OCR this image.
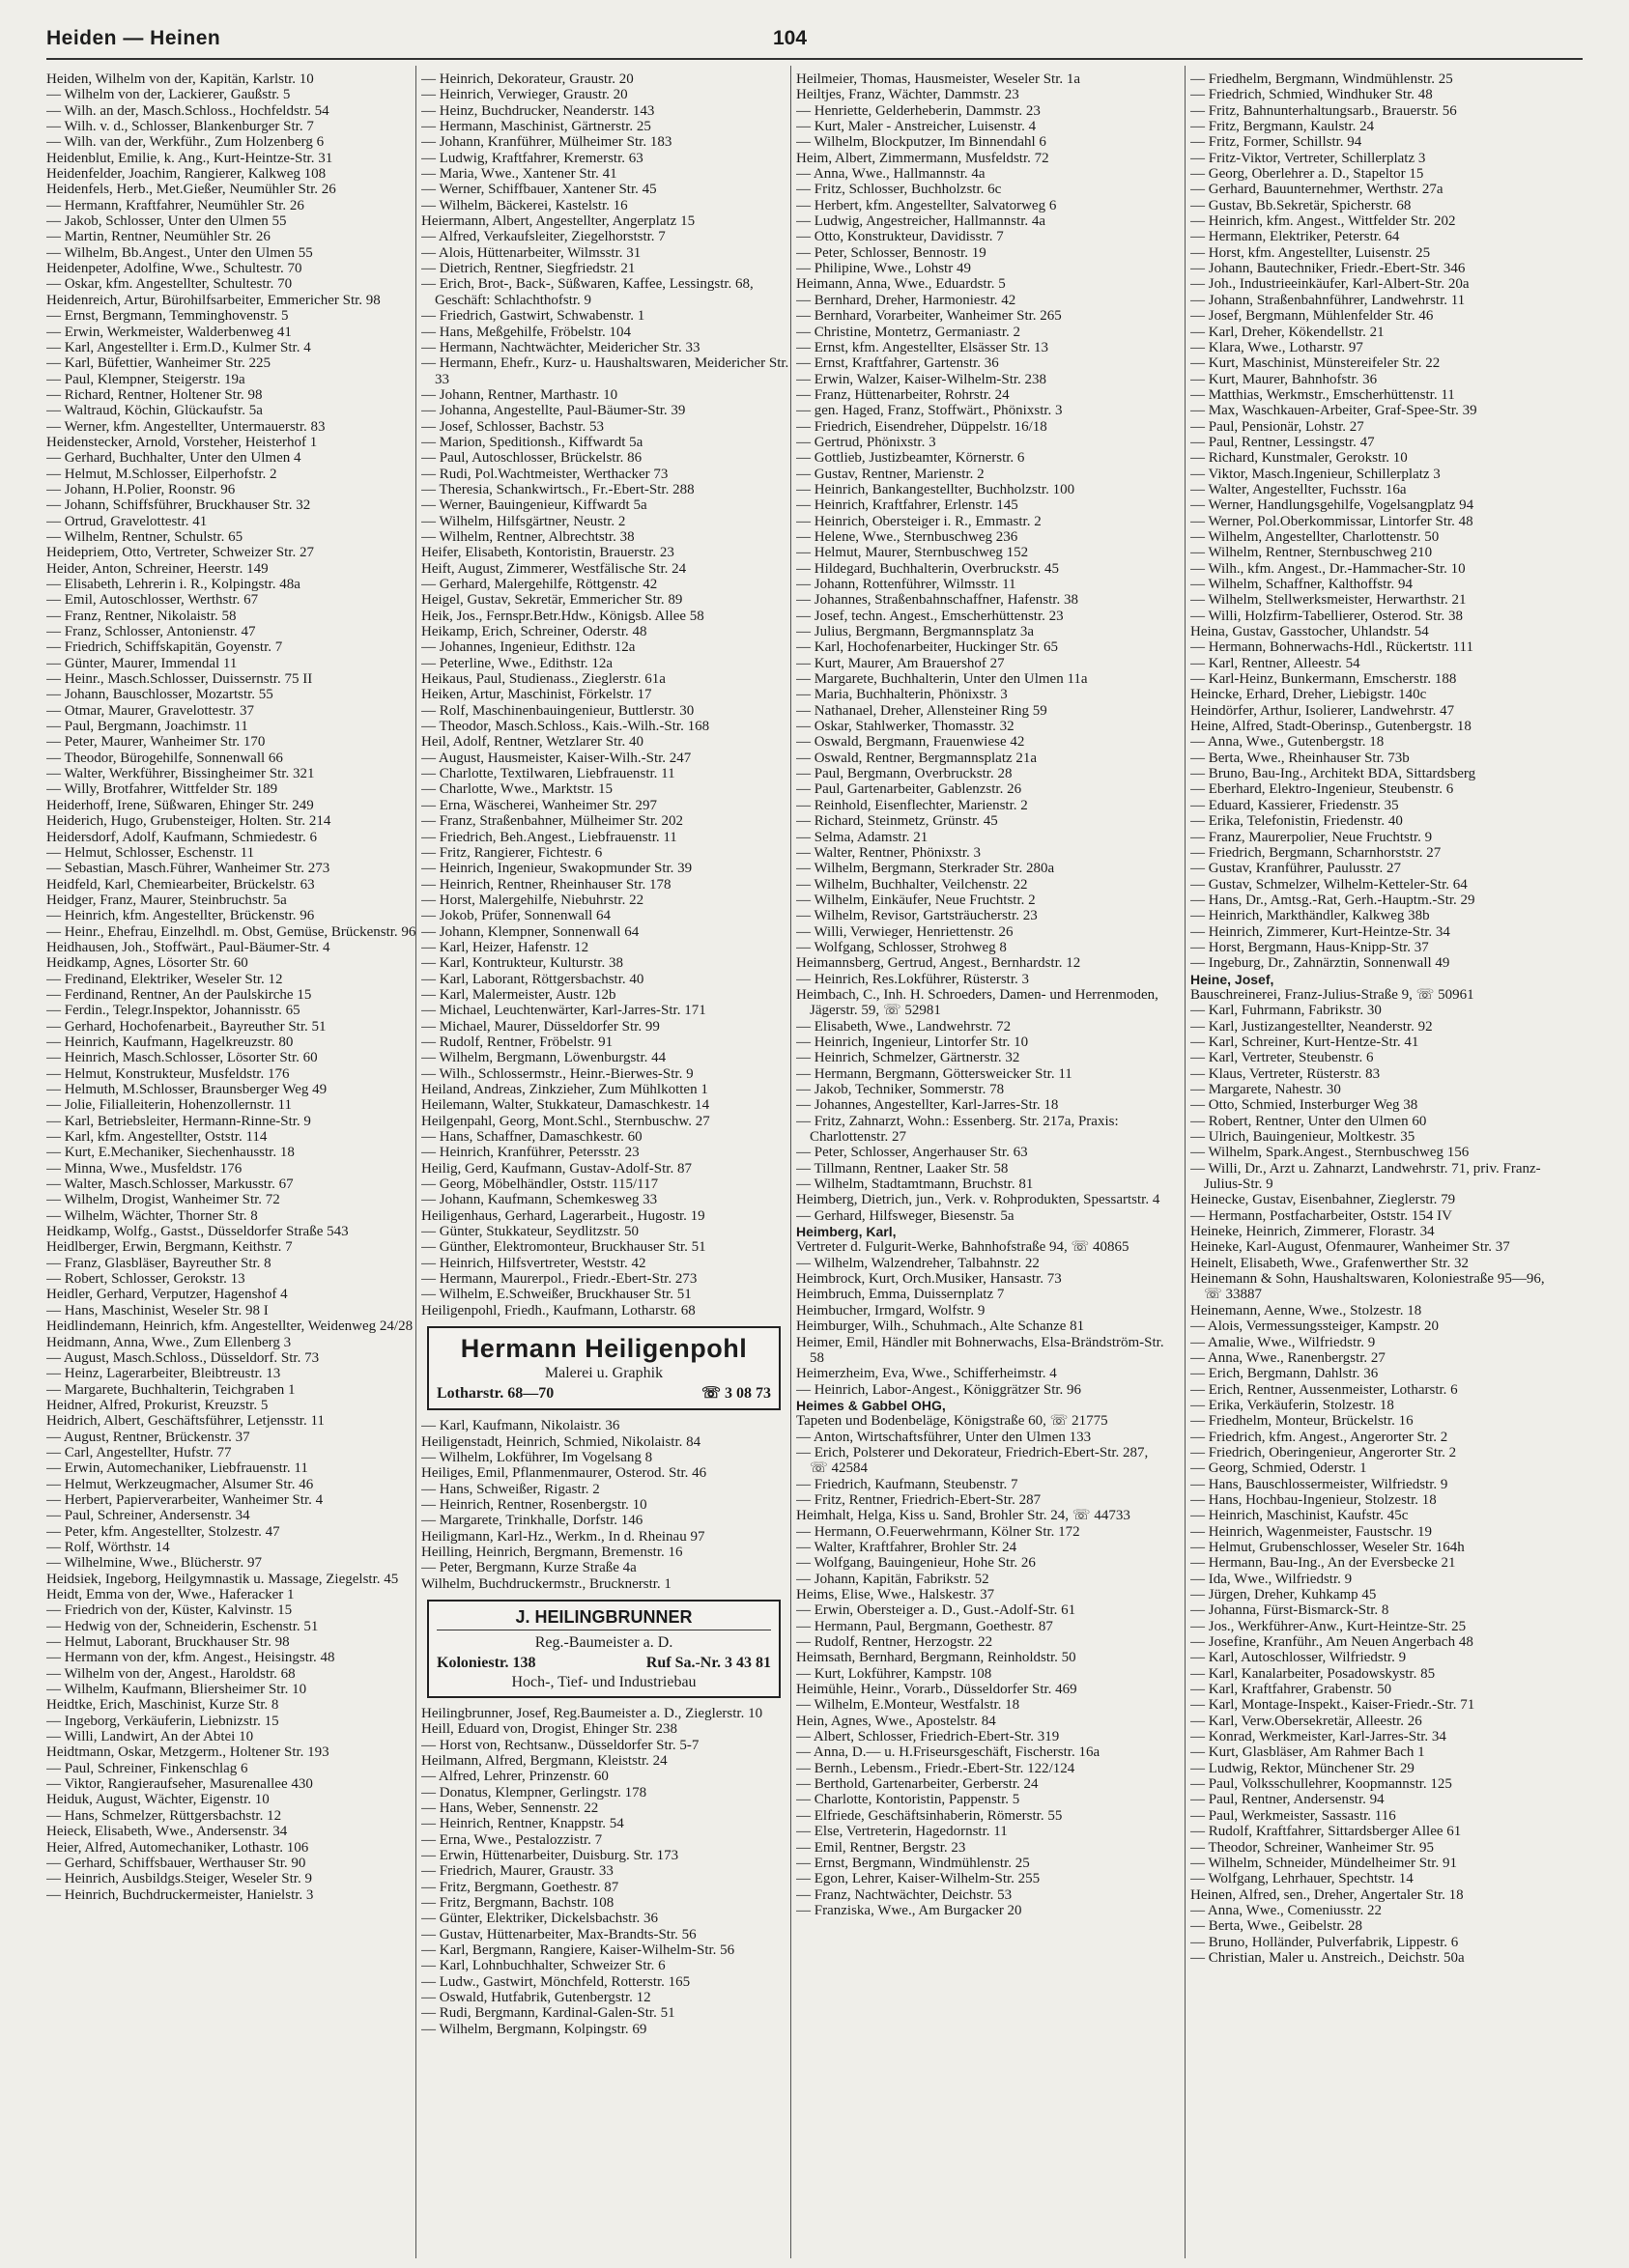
Heiden — Heinen	104

Heiden, Wilhelm von der, Kapitän, Karlstr. 10

— Wilhelm von der, Lackierer, Gaußstr. 5

— Wilh. an der, Masch.Schloss., Hochfeldstr. 54

— Wilh. v. d., Schlosser, Blankenburger Str. 7

— Wilh. van der, Werkführ., Zum Holzenberg 6

Heidenblut, Emilie, k. Ang., Kurt-Heintze-Str. 31

Heidenfelder, Joachim, Rangierer, Kalkweg 108

Heidenfels, Herb., Met.Gießer, Neumühler Str. 26

— Hermann, Kraftfahrer, Neumühler Str. 26

— Jakob, Schlosser, Unter den Ulmen 55

— Martin, Rentner, Neumühler Str. 26

— Wilhelm, Bb.Angest., Unter den Ulmen 55

Heidenpeter, Adolfine, Wwe., Schultestr. 70

— Oskar, kfm. Angestellter, Schultestr. 70

Heidenreich, Artur, Bürohilfsarbeiter, Emmericher Str. 98

— Ernst, Bergmann, Temminghovenstr. 5

— Erwin, Werkmeister, Walderbenweg 41

— Karl, Angestellter i. Erm.D., Kulmer Str. 4

— Karl, Büfettier, Wanheimer Str. 225

— Paul, Klempner, Steigerstr. 19a

— Richard, Rentner, Holtener Str. 98

— Waltraud, Köchin, Glückaufstr. 5a

— Werner, kfm. Angestellter, Untermauerstr. 83

Heidenstecker, Arnold, Vorsteher, Heisterhof 1

— Gerhard, Buchhalter, Unter den Ulmen 4

— Helmut, M.Schlosser, Eilperhofstr. 2

— Johann, H.Polier, Roonstr. 96

— Johann, Schiffsführer, Bruckhauser Str. 32

— Ortrud, Gravelottestr. 41

— Wilhelm, Rentner, Schulstr. 65

Heidepriem, Otto, Vertreter, Schweizer Str. 27

Heider, Anton, Schreiner, Heerstr. 149

— Elisabeth, Lehrerin i. R., Kolpingstr. 48a

— Emil, Autoschlosser, Werthstr. 67

— Franz, Rentner, Nikolaistr. 58

— Franz, Schlosser, Antonienstr. 47

— Friedrich, Schiffskapitän, Goyenstr. 7

— Günter, Maurer, Immendal 11

— Heinr., Masch.Schlosser, Duissernstr. 75 II

— Johann, Bauschlosser, Mozartstr. 55

— Otmar, Maurer, Gravelottestr. 37

— Paul, Bergmann, Joachimstr. 11

— Peter, Maurer, Wanheimer Str. 170

— Theodor, Bürogehilfe, Sonnenwall 66

— Walter, Werkführer, Bissingheimer Str. 321

— Willy, Brotfahrer, Wittfelder Str. 189

Heiderhoff, Irene, Süßwaren, Ehinger Str. 249

Heiderich, Hugo, Grubensteiger, Holten. Str. 214

Heidersdorf, Adolf, Kaufmann, Schmiedestr. 6

— Helmut, Schlosser, Eschenstr. 11

— Sebastian, Masch.Führer, Wanheimer Str. 273

Heidfeld, Karl, Chemiearbeiter, Brückelstr. 63

Heidger, Franz, Maurer, Steinbruchstr. 5a

— Heinrich, kfm. Angestellter, Brückenstr. 96

— Heinr., Ehefrau, Einzelhdl. m. Obst, Gemüse, Brückenstr. 96

Heidhausen, Joh., Stoffwärt., Paul-Bäumer-Str. 4

Heidkamp, Agnes, Lösorter Str. 60

— Fredinand, Elektriker, Weseler Str. 12

— Ferdinand, Rentner, An der Paulskirche 15

— Ferdin., Telegr.Inspektor, Johannisstr. 65

— Gerhard, Hochofenarbeit., Bayreuther Str. 51

— Heinrich, Kaufmann, Hagelkreuzstr. 80

— Heinrich, Masch.Schlosser, Lösorter Str. 60

— Helmut, Konstrukteur, Musfeldstr. 176

— Helmuth, M.Schlosser, Braunsberger Weg 49

— Jolie, Filialleiterin, Hohenzollernstr. 11

— Karl, Betriebsleiter, Hermann-Rinne-Str. 9

— Karl, kfm. Angestellter, Oststr. 114

— Kurt, E.Mechaniker, Siechenhausstr. 18

— Minna, Wwe., Musfeldstr. 176

— Walter, Masch.Schlosser, Markusstr. 67

— Wilhelm, Drogist, Wanheimer Str. 72

— Wilhelm, Wächter, Thorner Str. 8

Heidkamp, Wolfg., Gastst., Düsseldorfer Straße 543

Heidlberger, Erwin, Bergmann, Keithstr. 7

— Franz, Glasbläser, Bayreuther Str. 8

— Robert, Schlosser, Gerokstr. 13

Heidler, Gerhard, Verputzer, Hagenshof 4

— Hans, Maschinist, Weseler Str. 98 I

Heidlindemann, Heinrich, kfm. Angestellter, Weidenweg 24/28

Heidmann, Anna, Wwe., Zum Ellenberg 3

— August, Masch.Schloss., Düsseldorf. Str. 73

— Heinz, Lagerarbeiter, Bleibtreustr. 13

— Margarete, Buchhalterin, Teichgraben 1

Heidner, Alfred, Prokurist, Kreuzstr. 5

Heidrich, Albert, Geschäftsführer, Letjensstr. 11

— August, Rentner, Brückenstr. 37

— Carl, Angestellter, Hufstr. 77

— Erwin, Automechaniker, Liebfrauenstr. 11

— Helmut, Werkzeugmacher, Alsumer Str. 46

— Herbert, Papierverarbeiter, Wanheimer Str. 4

— Paul, Schreiner, Andersenstr. 34

— Peter, kfm. Angestellter, Stolzestr. 47

— Rolf, Wörthstr. 14

— Wilhelmine, Wwe., Blücherstr. 97

Heidsiek, Ingeborg, Heilgymnastik u. Massage, Ziegelstr. 45

Heidt, Emma von der, Wwe., Haferacker 1

— Friedrich von der, Küster, Kalvinstr. 15

— Hedwig von der, Schneiderin, Eschenstr. 51

— Helmut, Laborant, Bruckhauser Str. 98

— Hermann von der, kfm. Angest., Heisingstr. 48

— Wilhelm von der, Angest., Haroldstr. 68

— Wilhelm, Kaufmann, Bliersheimer Str. 10

Heidtke, Erich, Maschinist, Kurze Str. 8

— Ingeborg, Verkäuferin, Liebnizstr. 15

— Willi, Landwirt, An der Abtei 10

Heidtmann, Oskar, Metzgerm., Holtener Str. 193

— Paul, Schreiner, Finkenschlag 6

— Viktor, Rangieraufseher, Masurenallee 430

Heiduk, August, Wächter, Eigenstr. 10

— Hans, Schmelzer, Rüttgersbachstr. 12

Heieck, Elisabeth, Wwe., Andersenstr. 34

Heier, Alfred, Automechaniker, Lothastr. 106

— Gerhard, Schiffsbauer, Werthauser Str. 90

— Heinrich, Ausbildgs.Steiger, Weseler Str. 9

— Heinrich, Buchdruckermeister, Hanielstr. 3

— Heinrich, Dekorateur, Graustr. 20

— Heinrich, Verwieger, Graustr. 20

— Heinz, Buchdrucker, Neanderstr. 143

— Hermann, Maschinist, Gärtnerstr. 25

— Johann, Kranführer, Mülheimer Str. 183

— Ludwig, Kraftfahrer, Kremerstr. 63

— Maria, Wwe., Xantener Str. 41

— Werner, Schiffbauer, Xantener Str. 45

— Wilhelm, Bäckerei, Kastelstr. 16

Heiermann, Albert, Angestellter, Angerplatz 15

— Alfred, Verkaufsleiter, Ziegelhorststr. 7

— Alois, Hüttenarbeiter, Wilmsstr. 31

— Dietrich, Rentner, Siegfriedstr. 21

— Erich, Brot-, Back-, Süßwaren, Kaffee, Lessingstr. 68, Geschäft: Schlachthofstr. 9

— Friedrich, Gastwirt, Schwabenstr. 1

— Hans, Meßgehilfe, Fröbelstr. 104

— Hermann, Nachtwächter, Meidericher Str. 33

— Hermann, Ehefr., Kurz- u. Haushaltswaren, Meidericher Str. 33

— Johann, Rentner, Marthastr. 10

— Johanna, Angestellte, Paul-Bäumer-Str. 39

— Josef, Schlosser, Bachstr. 53

— Marion, Speditionsh., Kiffwardt 5a

— Paul, Autoschlosser, Brückelstr. 86

— Rudi, Pol.Wachtmeister, Werthacker 73

— Theresia, Schankwirtsch., Fr.-Ebert-Str. 288

— Werner, Bauingenieur, Kiffwardt 5a

— Wilhelm, Hilfsgärtner, Neustr. 2

— Wilhelm, Rentner, Albrechtstr. 38

Heifer, Elisabeth, Kontoristin, Brauerstr. 23

Heift, August, Zimmerer, Westfälische Str. 24

— Gerhard, Malergehilfe, Röttgenstr. 42

Heigel, Gustav, Sekretär, Emmericher Str. 89

Heik, Jos., Fernspr.Betr.Hdw., Königsb. Allee 58

Heikamp, Erich, Schreiner, Oderstr. 48

— Johannes, Ingenieur, Edithstr. 12a

— Peterline, Wwe., Edithstr. 12a

Heikaus, Paul, Studienass., Zieglerstr. 61a

Heiken, Artur, Maschinist, Förkelstr. 17

— Rolf, Maschinenbauingenieur, Buttlerstr. 30

— Theodor, Masch.Schloss., Kais.-Wilh.-Str. 168

Heil, Adolf, Rentner, Wetzlarer Str. 40

— August, Hausmeister, Kaiser-Wilh.-Str. 247

— Charlotte, Textilwaren, Liebfrauenstr. 11

— Charlotte, Wwe., Marktstr. 15

— Erna, Wäscherei, Wanheimer Str. 297

— Franz, Straßenbahner, Mülheimer Str. 202

— Friedrich, Beh.Angest., Liebfrauenstr. 11

— Fritz, Rangierer, Fichtestr. 6

— Heinrich, Ingenieur, Swakopmunder Str. 39

— Heinrich, Rentner, Rheinhauser Str. 178

— Horst, Malergehilfe, Niebuhrstr. 22

— Jokob, Prüfer, Sonnenwall 64

— Johann, Klempner, Sonnenwall 64

— Karl, Heizer, Hafenstr. 12

— Karl, Kontrukteur, Kulturstr. 38

— Karl, Laborant, Röttgersbachstr. 40

— Karl, Malermeister, Austr. 12b

— Michael, Leuchtenwärter, Karl-Jarres-Str. 171

— Michael, Maurer, Düsseldorfer Str. 99

— Rudolf, Rentner, Fröbelstr. 91

— Wilhelm, Bergmann, Löwenburgstr. 44

— Wilh., Schlossermstr., Heinr.-Bierwes-Str. 9

Heiland, Andreas, Zinkzieher, Zum Mühlkotten 1

Heilemann, Walter, Stukkateur, Damaschkestr. 14

Heilgenpahl, Georg, Mont.Schl., Sternbuschw. 27

— Hans, Schaffner, Damaschkestr. 60

— Heinrich, Kranführer, Petersstr. 23

Heilig, Gerd, Kaufmann, Gustav-Adolf-Str. 87

— Georg, Möbelhändler, Oststr. 115/117

— Johann, Kaufmann, Schemkesweg 33

Heiligenhaus, Gerhard, Lagerarbeit., Hugostr. 19

— Günter, Stukkateur, Seydlitzstr. 50

— Günther, Elektromonteur, Bruckhauser Str. 51

— Heinrich, Hilfsvertreter, Weststr. 42

— Hermann, Maurerpol., Friedr.-Ebert-Str. 273

— Wilhelm, E.Schweißer, Bruckhauser Str. 51

Heiligenpohl, Friedh., Kaufmann, Lotharstr. 68

Hermann Heiligenpohl
Malerei u. Graphik
Lotharstr. 68—70	☏ 3 08 73

— Karl, Kaufmann, Nikolaistr. 36

Heiligenstadt, Heinrich, Schmied, Nikolaistr. 84

— Wilhelm, Lokführer, Im Vogelsang 8

Heiliges, Emil, Pflanmenmaurer, Osterod. Str. 46

— Hans, Schweißer, Rigastr. 2

— Heinrich, Rentner, Rosenbergstr. 10

— Margarete, Trinkhalle, Dorfstr. 146

Heiligmann, Karl-Hz., Werkm., In d. Rheinau 97

Heilling, Heinrich, Bergmann, Bremenstr. 16

— Peter, Bergmann, Kurze Straße 4a

Wilhelm, Buchdruckermstr., Brucknerstr. 1

J. HEILINGBRUNNER
Reg.-Baumeister a. D.
Koloniestr. 138	Ruf Sa.-Nr. 3 43 81
Hoch-, Tief- und Industriebau

Heilingbrunner, Josef, Reg.Baumeister a. D., Zieglerstr. 10

Heill, Eduard von, Drogist, Ehinger Str. 238

— Horst von, Rechtsanw., Düsseldorfer Str. 5-7

Heilmann, Alfred, Bergmann, Kleiststr. 24

— Alfred, Lehrer, Prinzenstr. 60

— Donatus, Klempner, Gerlingstr. 178

— Hans, Weber, Sennenstr. 22

— Heinrich, Rentner, Knappstr. 54

— Erna, Wwe., Pestalozzistr. 7

— Erwin, Hüttenarbeiter, Duisburg. Str. 173

— Friedrich, Maurer, Graustr. 33

— Fritz, Bergmann, Goethestr. 87

— Fritz, Bergmann, Bachstr. 108

— Günter, Elektriker, Dickelsbachstr. 36

— Gustav, Hüttenarbeiter, Max-Brandts-Str. 56

— Karl, Bergmann, Rangiere, Kaiser-Wilhelm-Str. 56

— Karl, Lohnbuchhalter, Schweizer Str. 6

— Ludw., Gastwirt, Mönchfeld, Rotterstr. 165

— Oswald, Hutfabrik, Gutenbergstr. 12

— Rudi, Bergmann, Kardinal-Galen-Str. 51

— Wilhelm, Bergmann, Kolpingstr. 69

Heilmeier, Thomas, Hausmeister, Weseler Str. 1a

Heiltjes, Franz, Wächter, Dammstr. 23

— Henriette, Gelderheberin, Dammstr. 23

— Kurt, Maler - Anstreicher, Luisenstr. 4

— Wilhelm, Blockputzer, Im Binnendahl 6

Heim, Albert, Zimmermann, Musfeldstr. 72

— Anna, Wwe., Hallmannstr. 4a

— Fritz, Schlosser, Buchholzstr. 6c

— Herbert, kfm. Angestellter, Salvatorweg 6

— Ludwig, Angestreicher, Hallmannstr. 4a

— Otto, Konstrukteur, Davidisstr. 7

— Peter, Schlosser, Bennostr. 19

— Philipine, Wwe., Lohstr 49

Heimann, Anna, Wwe., Eduardstr. 5

— Bernhard, Dreher, Harmoniestr. 42

— Bernhard, Vorarbeiter, Wanheimer Str. 265

— Christine, Montetrz, Germaniastr. 2

— Ernst, kfm. Angestellter, Elsässer Str. 13

— Ernst, Kraftfahrer, Gartenstr. 36

— Erwin, Walzer, Kaiser-Wilhelm-Str. 238

— Franz, Hüttenarbeiter, Rohrstr. 24

— gen. Haged, Franz, Stoffwärt., Phönixstr. 3

— Friedrich, Eisendreher, Düppelstr. 16/18

— Gertrud, Phönixstr. 3

— Gottlieb, Justizbeamter, Körnerstr. 6

— Gustav, Rentner, Marienstr. 2

— Heinrich, Bankangestellter, Buchholzstr. 100

— Heinrich, Kraftfahrer, Erlenstr. 145

— Heinrich, Obersteiger i. R., Emmastr. 2

— Helene, Wwe., Sternbuschweg 236

— Helmut, Maurer, Sternbuschweg 152

— Hildegard, Buchhalterin, Overbruckstr. 45

— Johann, Rottenführer, Wilmsstr. 11

— Johannes, Straßenbahnschaffner, Hafenstr. 38

— Josef, techn. Angest., Emscherhüttenstr. 23

— Julius, Bergmann, Bergmannsplatz 3a

— Karl, Hochofenarbeiter, Huckinger Str. 65

— Kurt, Maurer, Am Brauershof 27

— Margarete, Buchhalterin, Unter den Ulmen 11a

— Maria, Buchhalterin, Phönixstr. 3

— Nathanael, Dreher, Allensteiner Ring 59

— Oskar, Stahlwerker, Thomasstr. 32

— Oswald, Bergmann, Frauenwiese 42

— Oswald, Rentner, Bergmannsplatz 21a

— Paul, Bergmann, Overbruckstr. 28

— Paul, Gartenarbeiter, Gablenzstr. 26

— Reinhold, Eisenflechter, Marienstr. 2

— Richard, Steinmetz, Grünstr. 45

— Selma, Adamstr. 21

— Walter, Rentner, Phönixstr. 3

— Wilhelm, Bergmann, Sterkrader Str. 280a

— Wilhelm, Buchhalter, Veilchenstr. 22

— Wilhelm, Einkäufer, Neue Fruchtstr. 2

— Wilhelm, Revisor, Gartsträucherstr. 23

— Willi, Verwieger, Henriettenstr. 26

— Wolfgang, Schlosser, Strohweg 8

Heimannsberg, Gertrud, Angest., Bernhardstr. 12

— Heinrich, Res.Lokführer, Rüsterstr. 3

Heimbach, C., Inh. H. Schroeders, Damen- und Herrenmoden, Jägerstr. 59, ☏ 52981

— Elisabeth, Wwe., Landwehrstr. 72

— Heinrich, Ingenieur, Lintorfer Str. 10

— Heinrich, Schmelzer, Gärtnerstr. 32

— Hermann, Bergmann, Göttersweicker Str. 11

— Jakob, Techniker, Sommerstr. 78

— Johannes, Angestellter, Karl-Jarres-Str. 18

— Fritz, Zahnarzt, Wohn.: Essenberg. Str. 217a, Praxis: Charlottenstr. 27

— Peter, Schlosser, Angerhauser Str. 63

— Tillmann, Rentner, Laaker Str. 58

— Wilhelm, Stadtamtmann, Bruchstr. 81

Heimberg, Dietrich, jun., Verk. v. Rohprodukten, Spessartstr. 4

— Gerhard, Hilfsweger, Biesenstr. 5a

Heimberg, Karl,

Vertreter d. Fulgurit-Werke, Bahnhofstraße 94, ☏ 40865

— Wilhelm, Walzendreher, Talbahnstr. 22

Heimbrock, Kurt, Orch.Musiker, Hansastr. 73

Heimbruch, Emma, Duissernplatz 7

Heimbucher, Irmgard, Wolfstr. 9

Heimburger, Wilh., Schuhmach., Alte Schanze 81

Heimer, Emil, Händler mit Bohnerwachs, Elsa-Brändström-Str. 58

Heimerzheim, Eva, Wwe., Schifferheimstr. 4

— Heinrich, Labor-Angest., Königgrätzer Str. 96

Heimes & Gabbel OHG,

Tapeten und Bodenbeläge, Königstraße 60, ☏ 21775

— Anton, Wirtschaftsführer, Unter den Ulmen 133

— Erich, Polsterer und Dekorateur, Friedrich-Ebert-Str. 287, ☏ 42584

— Friedrich, Kaufmann, Steubenstr. 7

— Fritz, Rentner, Friedrich-Ebert-Str. 287

Heimhalt, Helga, Kiss u. Sand, Brohler Str. 24, ☏ 44733

— Hermann, O.Feuerwehrmann, Kölner Str. 172

— Walter, Kraftfahrer, Brohler Str. 24

— Wolfgang, Bauingenieur, Hohe Str. 26

— Johann, Kapitän, Fabrikstr. 52

Heims, Elise, Wwe., Halskestr. 37

— Erwin, Obersteiger a. D., Gust.-Adolf-Str. 61

— Hermann, Paul, Bergmann, Goethestr. 87

— Rudolf, Rentner, Herzogstr. 22

Heimsath, Bernhard, Bergmann, Reinholdstr. 50

— Kurt, Lokführer, Kampstr. 108

Heimühle, Heinr., Vorarb., Düsseldorfer Str. 469

— Wilhelm, E.Monteur, Westfalstr. 18

Hein, Agnes, Wwe., Apostelstr. 84

— Albert, Schlosser, Friedrich-Ebert-Str. 319

— Anna, D.— u. H.Friseursgeschäft, Fischerstr. 16a

— Bernh., Lebensm., Friedr.-Ebert-Str. 122/124

— Berthold, Gartenarbeiter, Gerberstr. 24

— Charlotte, Kontoristin, Pappenstr. 5

— Elfriede, Geschäftsinhaberin, Römerstr. 55

— Else, Vertreterin, Hagedornstr. 11

— Emil, Rentner, Bergstr. 23

— Ernst, Bergmann, Windmühlenstr. 25

— Egon, Lehrer, Kaiser-Wilhelm-Str. 255

— Franz, Nachtwächter, Deichstr. 53

— Franziska, Wwe., Am Burgacker 20

— Friedhelm, Bergmann, Windmühlenstr. 25

— Friedrich, Schmied, Windhuker Str. 48

— Fritz, Bahnunterhaltungsarb., Brauerstr. 56

— Fritz, Bergmann, Kaulstr. 24

— Fritz, Former, Schillstr. 94

— Fritz-Viktor, Vertreter, Schillerplatz 3

— Georg, Oberlehrer a. D., Stapeltor 15

— Gerhard, Bauunternehmer, Werthstr. 27a

— Gustav, Bb.Sekretär, Spicherstr. 68

— Heinrich, kfm. Angest., Wittfelder Str. 202

— Hermann, Elektriker, Peterstr. 64

— Horst, kfm. Angestellter, Luisenstr. 25

— Johann, Bautechniker, Friedr.-Ebert-Str. 346

— Joh., Industrieeinkäufer, Karl-Albert-Str. 20a

— Johann, Straßenbahnführer, Landwehrstr. 11

— Josef, Bergmann, Mühlenfelder Str. 46

— Karl, Dreher, Kökendellstr. 21

— Klara, Wwe., Lotharstr. 97

— Kurt, Maschinist, Münstereifeler Str. 22

— Kurt, Maurer, Bahnhofstr. 36

— Matthias, Werkmstr., Emscherhüttenstr. 11

— Max, Waschkauen-Arbeiter, Graf-Spee-Str. 39

— Paul, Pensionär, Lohstr. 27

— Paul, Rentner, Lessingstr. 47

— Richard, Kunstmaler, Gerokstr. 10

— Viktor, Masch.Ingenieur, Schillerplatz 3

— Walter, Angestellter, Fuchsstr. 16a

— Werner, Handlungsgehilfe, Vogelsangplatz 94

— Werner, Pol.Oberkommissar, Lintorfer Str. 48

— Wilhelm, Angestellter, Charlottenstr. 50

— Wilhelm, Rentner, Sternbuschweg 210

— Wilh., kfm. Angest., Dr.-Hammacher-Str. 10

— Wilhelm, Schaffner, Kalthoffstr. 94

— Wilhelm, Stellwerksmeister, Herwarthstr. 21

— Willi, Holzfirm-Tabellierer, Osterod. Str. 38

Heina, Gustav, Gasstocher, Uhlandstr. 54

— Hermann, Bohnerwachs-Hdl., Rückertstr. 111

— Karl, Rentner, Alleestr. 54

— Karl-Heinz, Bunkermann, Emscherstr. 188

Heincke, Erhard, Dreher, Liebigstr. 140c

Heindörfer, Arthur, Isolierer, Landwehrstr. 47

Heine, Alfred, Stadt-Oberinsp., Gutenbergstr. 18

— Anna, Wwe., Gutenbergstr. 18

— Berta, Wwe., Rheinhauser Str. 73b

— Bruno, Bau-Ing., Architekt BDA, Sittardsberg

— Eberhard, Elektro-Ingenieur, Steubenstr. 6

— Eduard, Kassierer, Friedenstr. 35

— Erika, Telefonistin, Friedenstr. 40

— Franz, Maurerpolier, Neue Fruchtstr. 9

— Friedrich, Bergmann, Scharnhorststr. 27

— Gustav, Kranführer, Paulusstr. 27

— Gustav, Schmelzer, Wilhelm-Ketteler-Str. 64

— Hans, Dr., Amtsg.-Rat, Gerh.-Hauptm.-Str. 29

— Heinrich, Markthändler, Kalkweg 38b

— Heinrich, Zimmerer, Kurt-Heintze-Str. 34

— Horst, Bergmann, Haus-Knipp-Str. 37

— Ingeburg, Dr., Zahnärztin, Sonnenwall 49

Heine, Josef,

Bauschreinerei, Franz-Julius-Straße 9, ☏ 50961

— Karl, Fuhrmann, Fabrikstr. 30

— Karl, Justizangestellter, Neanderstr. 92

— Karl, Schreiner, Kurt-Hentze-Str. 41

— Karl, Vertreter, Steubenstr. 6

— Klaus, Vertreter, Rüsterstr. 83

— Margarete, Nahestr. 30

— Otto, Schmied, Insterburger Weg 38

— Robert, Rentner, Unter den Ulmen 60

— Ulrich, Bauingenieur, Moltkestr. 35

— Wilhelm, Spark.Angest., Sternbuschweg 156

— Willi, Dr., Arzt u. Zahnarzt, Landwehrstr. 71, priv. Franz-Julius-Str. 9

Heinecke, Gustav, Eisenbahner, Zieglerstr. 79

— Hermann, Postfacharbeiter, Oststr. 154 IV

Heineke, Heinrich, Zimmerer, Florastr. 34

Heineke, Karl-August, Ofenmaurer, Wanheimer Str. 37

Heinelt, Elisabeth, Wwe., Grafenwerther Str. 32

Heinemann & Sohn, Haushaltswaren, Koloniestraße 95—96, ☏ 33887

Heinemann, Aenne, Wwe., Stolzestr. 18

— Alois, Vermessungssteiger, Kampstr. 20

— Amalie, Wwe., Wilfriedstr. 9

— Anna, Wwe., Ranenbergstr. 27

— Erich, Bergmann, Dahlstr. 36

— Erich, Rentner, Aussenmeister, Lotharstr. 6

— Erika, Verkäuferin, Stolzestr. 18

— Friedhelm, Monteur, Brückelstr. 16

— Friedrich, kfm. Angest., Angerorter Str. 2

— Friedrich, Oberingenieur, Angerorter Str. 2

— Georg, Schmied, Oderstr. 1

— Hans, Bauschlossermeister, Wilfriedstr. 9

— Hans, Hochbau-Ingenieur, Stolzestr. 18

— Heinrich, Maschinist, Kaufstr. 45c

— Heinrich, Wagenmeister, Faustschr. 19

— Helmut, Grubenschlosser, Weseler Str. 164h

— Hermann, Bau-Ing., An der Eversbecke 21

— Ida, Wwe., Wilfriedstr. 9

— Jürgen, Dreher, Kuhkamp 45

— Johanna, Fürst-Bismarck-Str. 8

— Jos., Werkführer-Anw., Kurt-Heintze-Str. 25

— Josefine, Kranführ., Am Neuen Angerbach 48

— Karl, Autoschlosser, Wilfriedstr. 9

— Karl, Kanalarbeiter, Posadowskystr. 85

— Karl, Kraftfahrer, Grabenstr. 50

— Karl, Montage-Inspekt., Kaiser-Friedr.-Str. 71

— Karl, Verw.Obersekretär, Alleestr. 26

— Konrad, Werkmeister, Karl-Jarres-Str. 34

— Kurt, Glasbläser, Am Rahmer Bach 1

— Ludwig, Rektor, Münchener Str. 29

— Paul, Volksschullehrer, Koopmannstr. 125

— Paul, Rentner, Andersenstr. 94

— Paul, Werkmeister, Sassastr. 116

— Rudolf, Kraftfahrer, Sittardsberger Allee 61

— Theodor, Schreiner, Wanheimer Str. 95

— Wilhelm, Schneider, Mündelheimer Str. 91

— Wolfgang, Lehrhauer, Spechtstr. 14

Heinen, Alfred, sen., Dreher, Angertaler Str. 18

— Anna, Wwe., Comeniusstr. 22

— Berta, Wwe., Geibelstr. 28

— Bruno, Holländer, Pulverfabrik, Lippestr. 6

— Christian, Maler u. Anstreich., Deichstr. 50a
